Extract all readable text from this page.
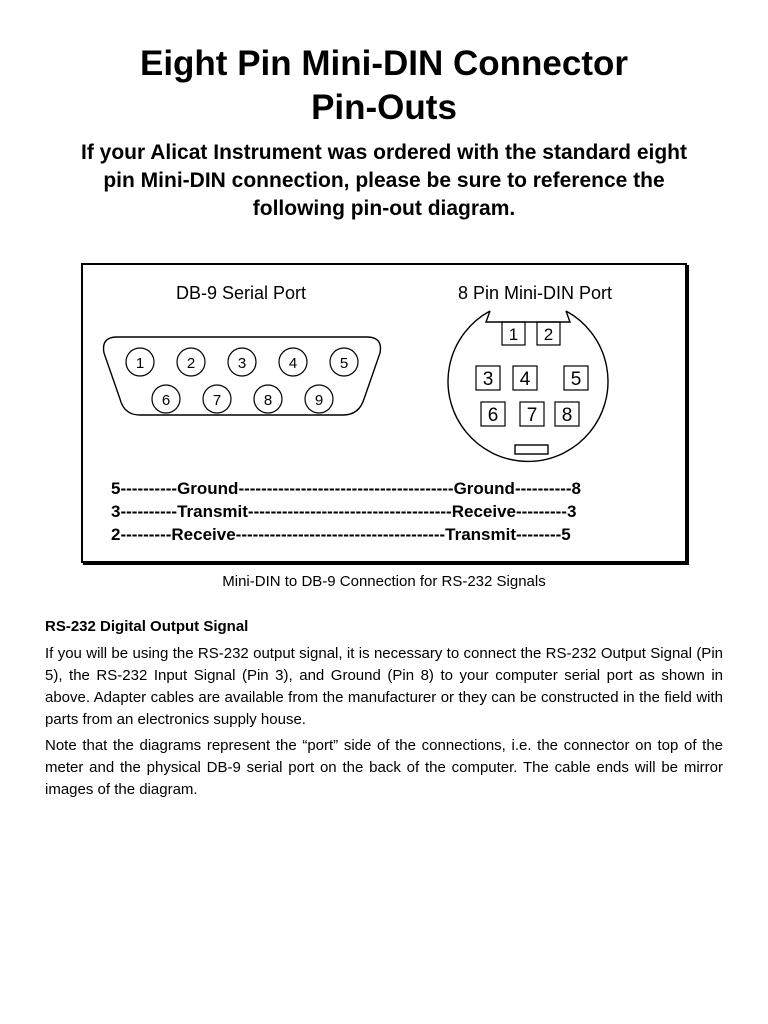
Eight Pin Mini-DIN Connector
Pin-Outs
If your Alicat Instrument was ordered with the standard eight
pin Mini-DIN connection, please be sure to reference the
following pin-out diagram.
DB-9 Serial Port	8 Pin Mini-DIN Port
1	2	3	4	5
6	7	8	9
1 2
3 4 5
6 7 8
5----------Ground--------------------------------------Ground----------8
3----------Transmit------------------------------------Receive---------3
2---------Receive-------------------------------------Transmit--------5
Mini-DIN to DB-9 Connection for RS-232 Signals
RS-232 Digital Output Signal
If you will be using the RS-232 output signal, it is necessary to connect the RS-232 Output Signal (Pin 5), the RS-232 Input Signal (Pin 3), and Ground (Pin 8) to your computer serial port as shown in above. Adapter cables are available from the manufacturer or they can be constructed in the field with parts from an electronics supply house.
Note that the diagrams represent the “port” side of the connections, i.e. the connector on top of the meter and the physical DB-9 serial port on the back of the computer. The cable ends will be mirror images of the diagram.
